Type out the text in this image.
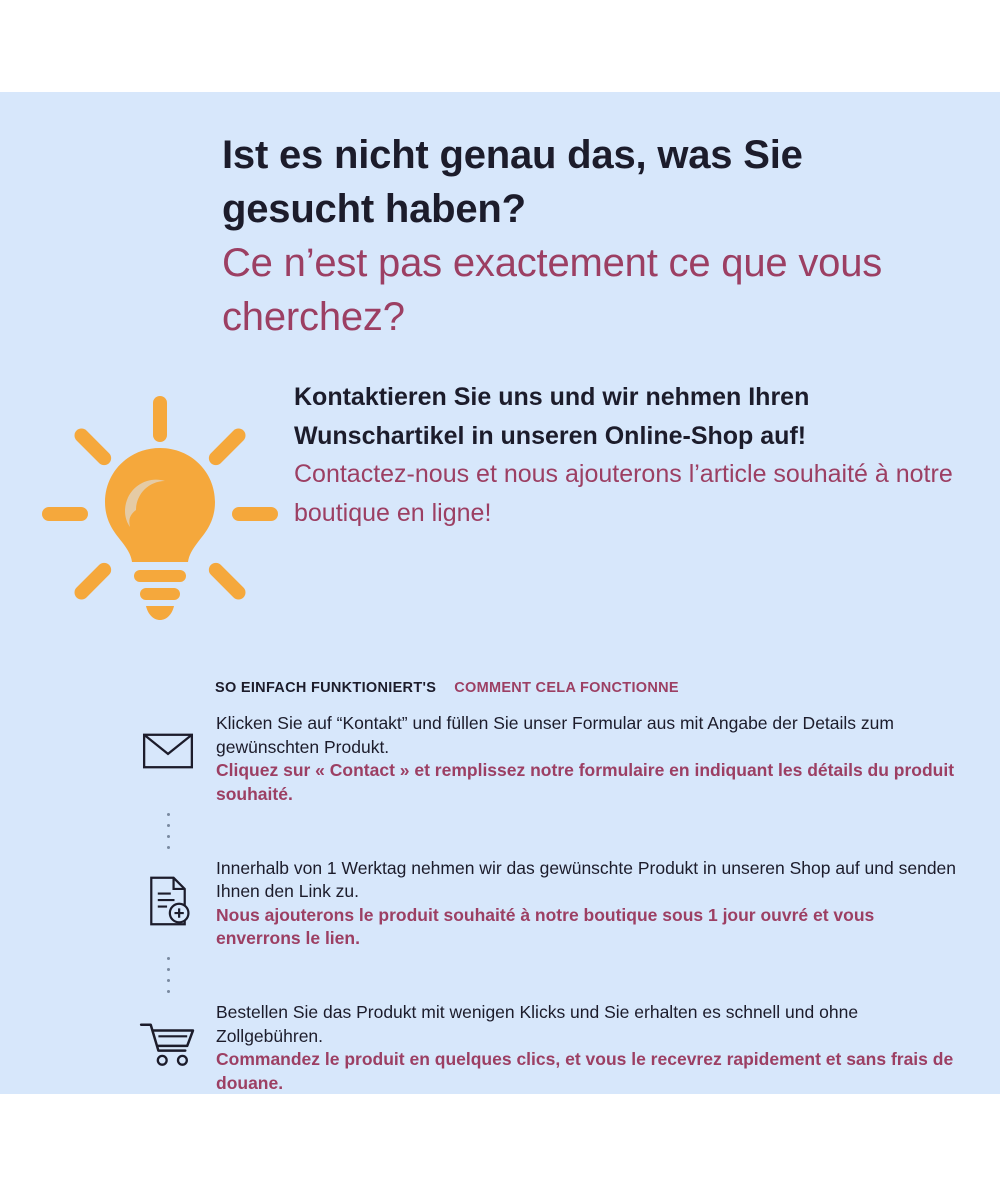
Ist es nicht genau das, was Sie gesucht haben?

Ce n’est pas exactement ce que vous cherchez?

Kontaktieren Sie uns und wir nehmen Ihren Wunschartikel in unseren Online-Shop auf!

Contactez-nous et nous ajouterons l’article souhaité à notre boutique en ligne!

SO EINFACH FUNKTIONIERT'S COMMENT CELA FONCTIONNE

Klicken Sie auf “Kontakt” und füllen Sie unser Formular aus mit Angabe der Details zum gewünschten Produkt.

Cliquez sur « Contact » et remplissez notre formulaire en indiquant les détails du produit souhaité.

Innerhalb von 1 Werktag nehmen wir das gewünschte Produkt in unseren Shop auf und senden Ihnen den Link zu.

Nous ajouterons le produit souhaité à notre boutique sous 1 jour ouvré et vous enverrons le lien.

Bestellen Sie das Produkt mit wenigen Klicks und Sie erhalten es schnell und ohne Zollgebühren.

Commandez le produit en quelques clics, et vous le recevrez rapidement et sans frais de douane.
